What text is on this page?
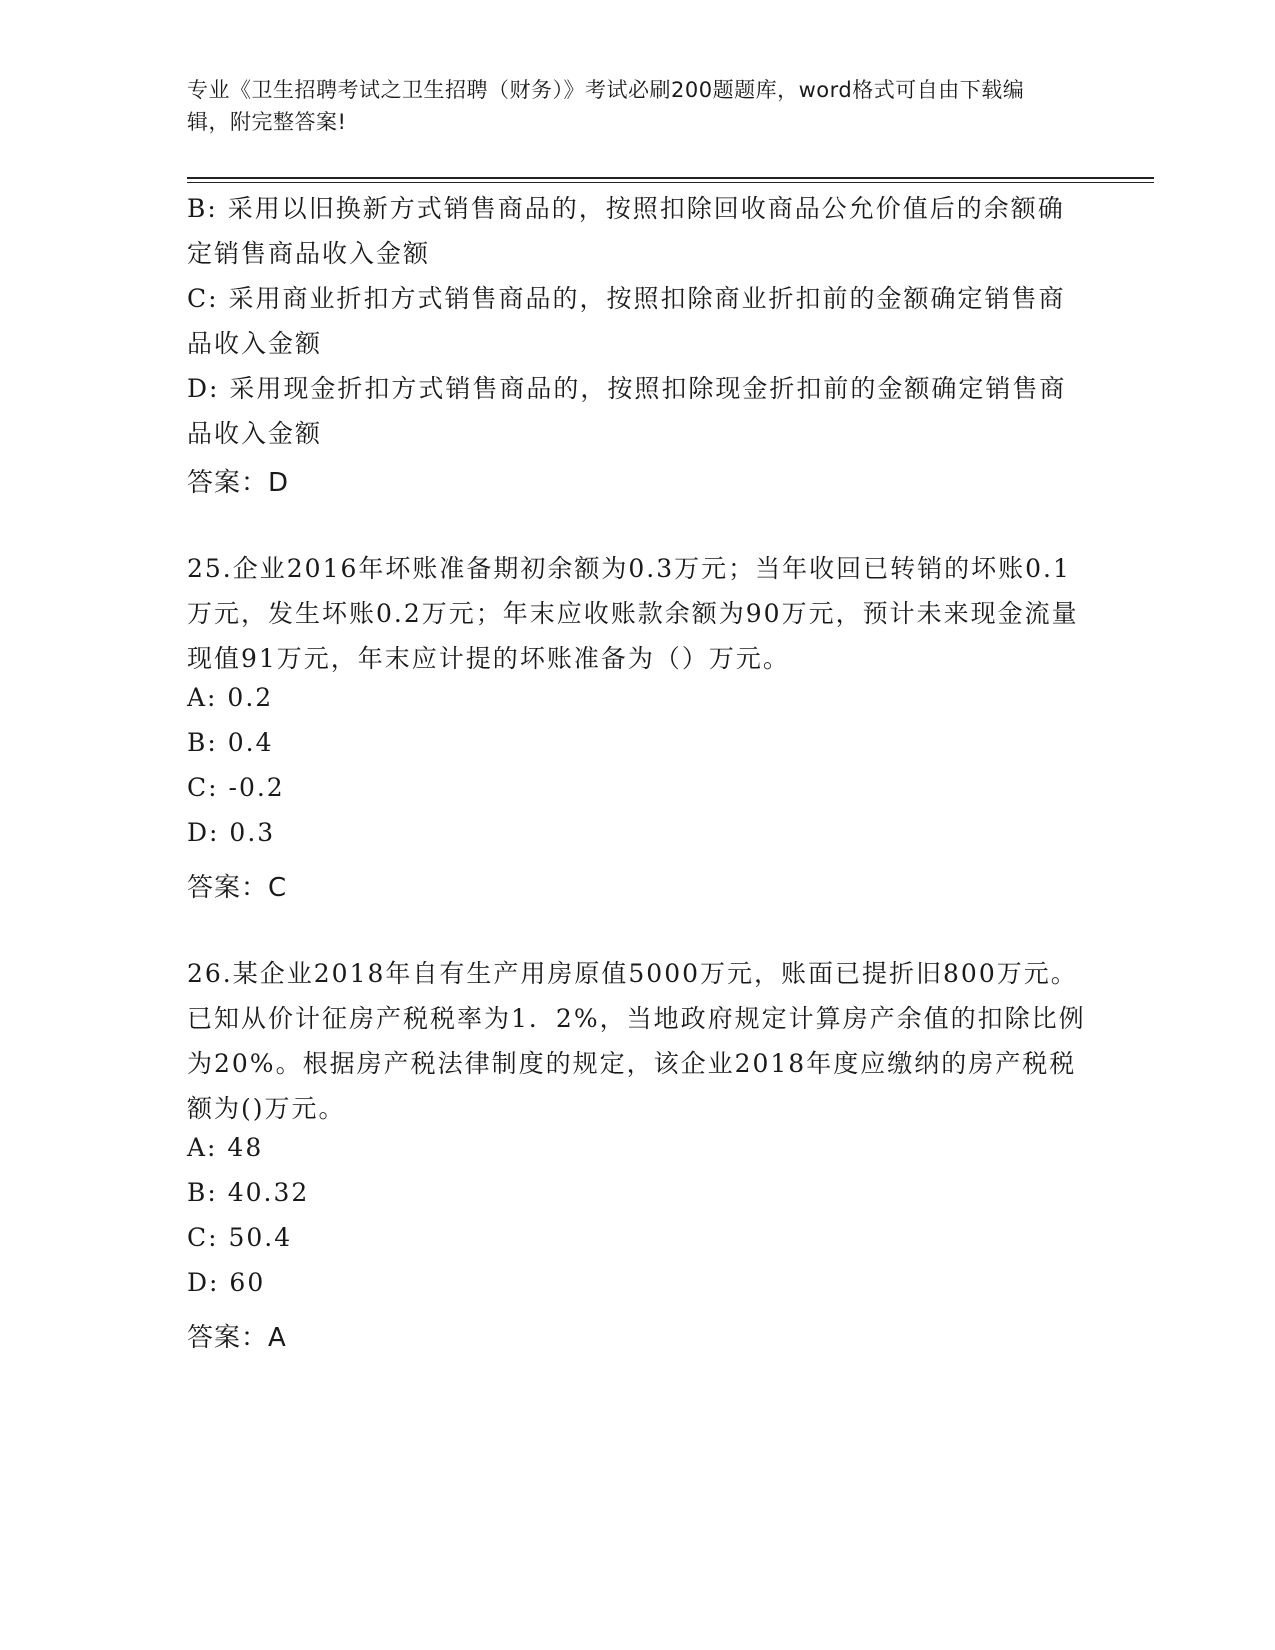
专业《卫生招聘考试之卫生招聘（财务）》考试必刷200题题库，word格式可自由下载编辑，附完整答案!
B: 采用以旧换新方式销售商品的，按照扣除回收商品公允价值后的余额确定销售商品收入金额
C: 采用商业折扣方式销售商品的，按照扣除商业折扣前的金额确定销售商品收入金额
D: 采用现金折扣方式销售商品的，按照扣除现金折扣前的金额确定销售商品收入金额
答案：D
25.企业2016年坏账准备期初余额为0.3万元；当年收回已转销的坏账0.1万元，发生坏账0.2万元；年末应收账款余额为90万元，预计未来现金流量现值91万元，年末应计提的坏账准备为（）万元。
A: 0.2
B: 0.4
C: -0.2
D: 0.3
答案：C
26.某企业2018年自有生产用房原值5000万元，账面已提折旧800万元。已知从价计征房产税税率为1．2%，当地政府规定计算房产余值的扣除比例为20%。根据房产税法律制度的规定，该企业2018年度应缴纳的房产税税额为()万元。
A: 48
B: 40.32
C: 50.4
D: 60
答案：A
